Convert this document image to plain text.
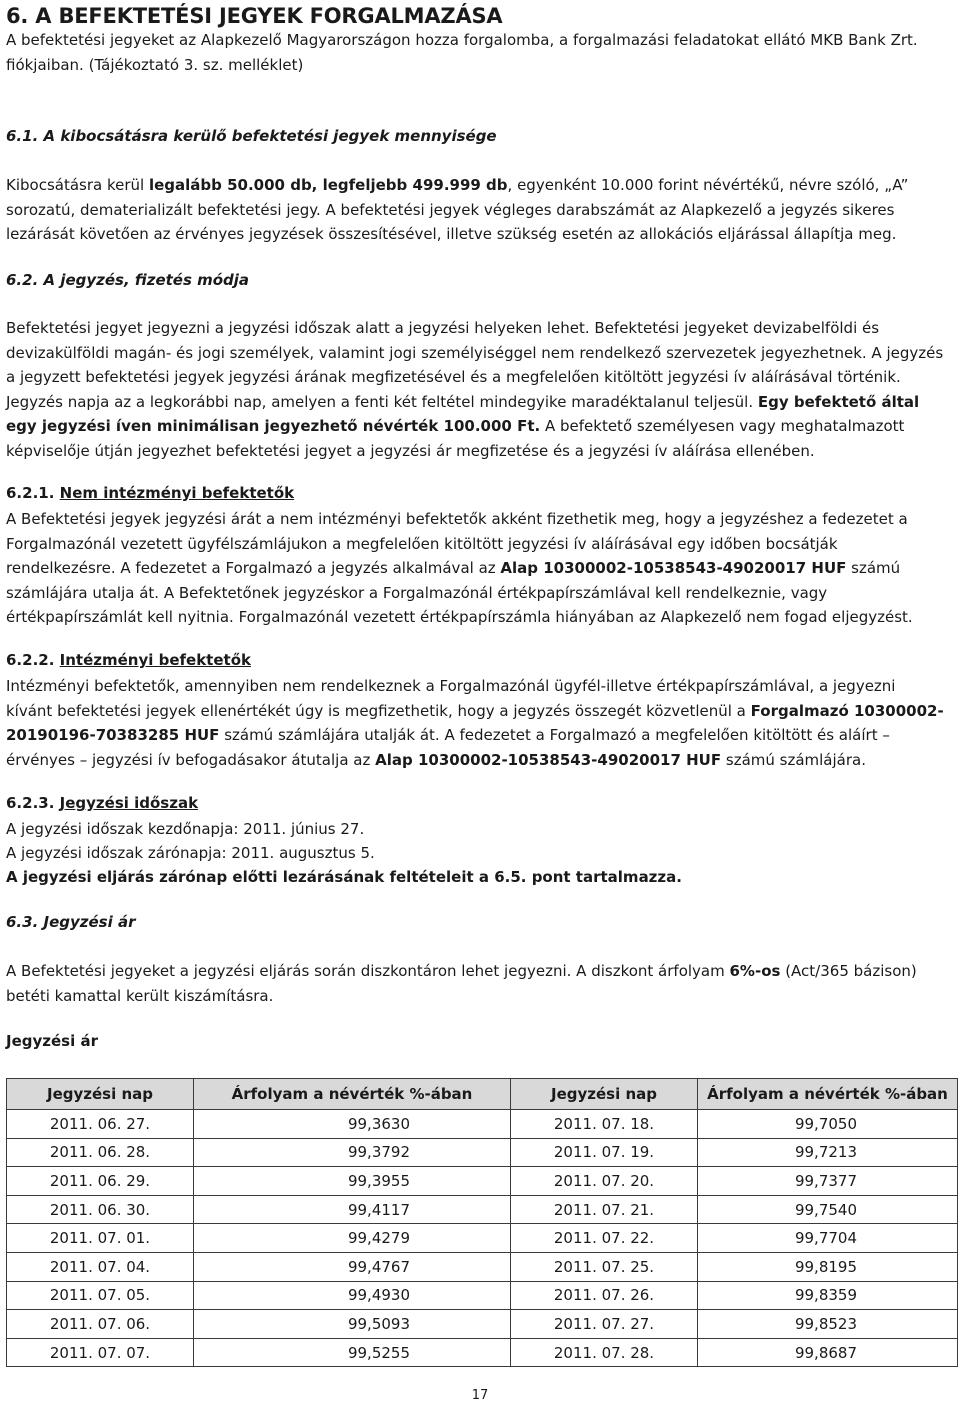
6. A BEFEKTETÉSI JEGYEK FORGALMAZÁSA

A befektetési jegyeket az Alapkezelő Magyarországon hozza forgalomba, a forgalmazási feladatokat ellátó MKB Bank Zrt.
fiókjaiban. (Tájékoztató 3. sz. melléklet)

6.1. A kibocsátásra kerülő befektetési jegyek mennyisége

Kibocsátásra kerül legalább 50.000 db, legfeljebb 499.999 db, egyenként 10.000 forint névértékű, névre szóló, „A”
sorozatú, dematerializált befektetési jegy. A befektetési jegyek végleges darabszámát az Alapkezelő a jegyzés sikeres
lezárását követően az érvényes jegyzések összesítésével, illetve szükség esetén az allokációs eljárással állapítja meg.

6.2. A jegyzés, fizetés módja

Befektetési jegyet jegyezni a jegyzési időszak alatt a jegyzési helyeken lehet. Befektetési jegyeket devizabelföldi és
devizakülföldi magán- és jogi személyek, valamint jogi személyiséggel nem rendelkező szervezetek jegyezhetnek. A jegyzés
a jegyzett befektetési jegyek jegyzési árának megfizetésével és a megfelelően kitöltött jegyzési ív aláírásával történik.
Jegyzés napja az a legkorábbi nap, amelyen a fenti két feltétel mindegyike maradéktalanul teljesül. Egy befektető által
egy jegyzési íven minimálisan jegyezhető névérték 100.000 Ft. A befektető személyesen vagy meghatalmazott
képviselője útján jegyezhet befektetési jegyet a jegyzési ár megfizetése és a jegyzési ív aláírása ellenében.

6.2.1. Nem intézményi befektetők

A Befektetési jegyek jegyzési árát a nem intézményi befektetők akként fizethetik meg, hogy a jegyzéshez a fedezetet a
Forgalmazónál vezetett ügyfélszámlájukon a megfelelően kitöltött jegyzési ív aláírásával egy időben bocsátják
rendelkezésre. A fedezetet a Forgalmazó a jegyzés alkalmával az Alap 10300002-10538543-49020017 HUF számú
számlájára utalja át. A Befektetőnek jegyzéskor a Forgalmazónál értékpapírszámlával kell rendelkeznie, vagy
értékpapírszámlát kell nyitnia. Forgalmazónál vezetett értékpapírszámla hiányában az Alapkezelő nem fogad eljegyzést.

6.2.2. Intézményi befektetők

Intézményi befektetők, amennyiben nem rendelkeznek a Forgalmazónál ügyfél-illetve értékpapírszámlával, a jegyezni
kívánt befektetési jegyek ellenértékét úgy is megfizethetik, hogy a jegyzés összegét közvetlenül a Forgalmazó 10300002-
20190196-70383285 HUF számú számlájára utalják át. A fedezetet a Forgalmazó a megfelelően kitöltött és aláírt –
érvényes – jegyzési ív befogadásakor átutalja az Alap 10300002-10538543-49020017 HUF számú számlájára.

6.2.3. Jegyzési időszak

A jegyzési időszak kezdőnapja: 2011. június 27.
A jegyzési időszak zárónapja: 2011. augusztus 5.
A jegyzési eljárás zárónap előtti lezárásának feltételeit a 6.5. pont tartalmazza.

6.3. Jegyzési ár

A Befektetési jegyeket a jegyzési eljárás során diszkontáron lehet jegyezni. A diszkont árfolyam 6%-os (Act/365 bázison)
betéti kamattal került kiszámításra.

Jegyzési ár
Jegyzési nap	Árfolyam a névérték %-ában	Jegyzési nap	Árfolyam a névérték %-ában
2011. 06. 27.	99,3630	2011. 07. 18.	99,7050
2011. 06. 28.	99,3792	2011. 07. 19.	99,7213
2011. 06. 29.	99,3955	2011. 07. 20.	99,7377
2011. 06. 30.	99,4117	2011. 07. 21.	99,7540
2011. 07. 01.	99,4279	2011. 07. 22.	99,7704
2011. 07. 04.	99,4767	2011. 07. 25.	99,8195
2011. 07. 05.	99,4930	2011. 07. 26.	99,8359
2011. 07. 06.	99,5093	2011. 07. 27.	99,8523
2011. 07. 07.	99,5255	2011. 07. 28.	99,8687
17
